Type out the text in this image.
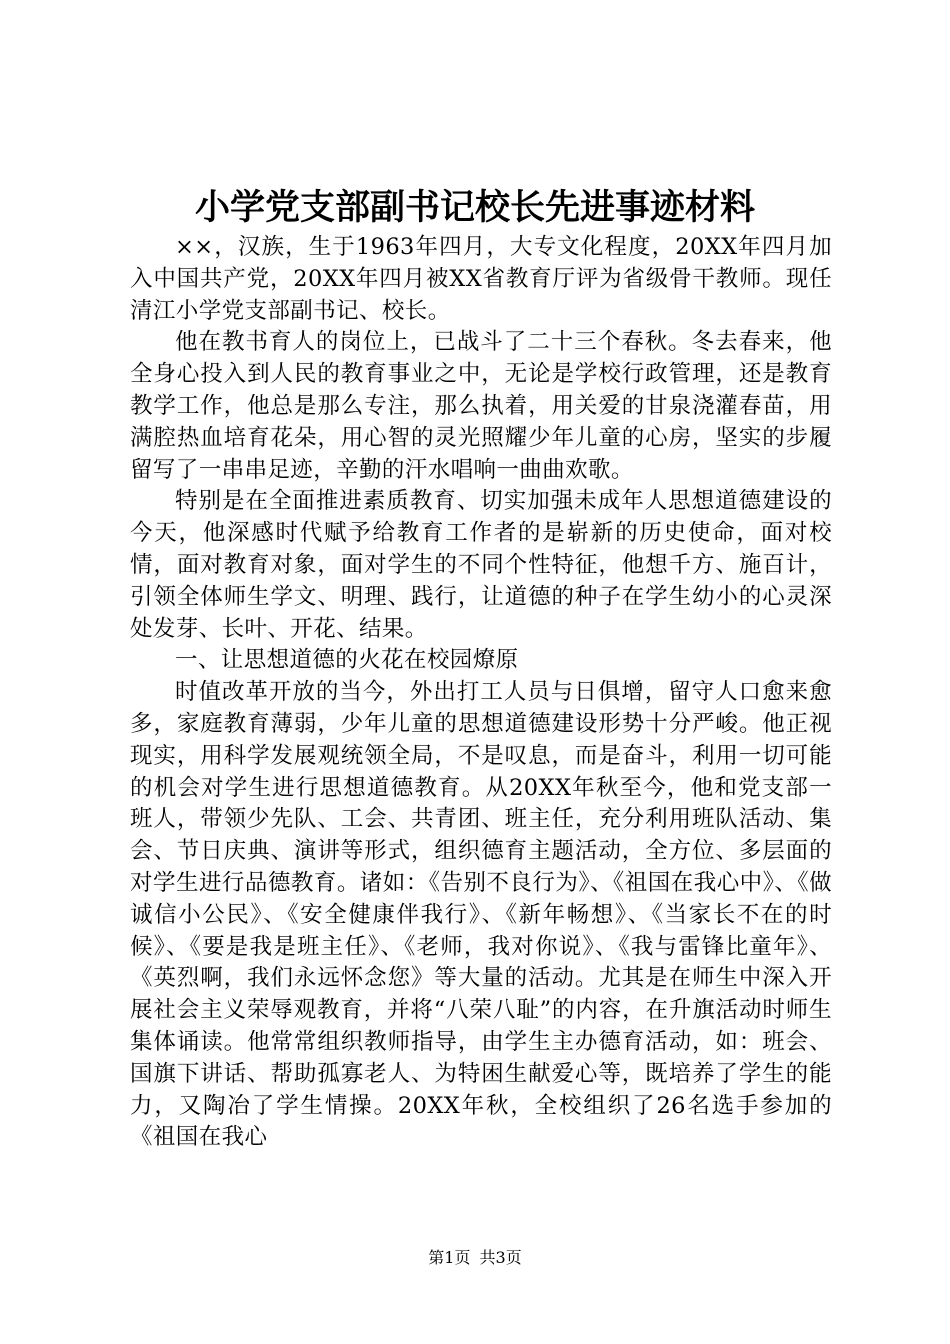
小学党支部副书记校长先进事迹材料

××，汉族，生于1963年四月，大专文化程度，20XX年四月加入中国共产党，20XX年四月被XX省教育厅评为省级骨干教师。现任清江小学党支部副书记、校长。

他在教书育人的岗位上，已战斗了二十三个春秋。冬去春来，他全身心投入到人民的教育事业之中，无论是学校行政管理，还是教育教学工作，他总是那么专注，那么执着，用关爱的甘泉浇灌春苗，用满腔热血培育花朵，用心智的灵光照耀少年儿童的心房，坚实的步履留写了一串串足迹，辛勤的汗水唱响一曲曲欢歌。

特别是在全面推进素质教育、切实加强未成年人思想道德建设的今天，他深感时代赋予给教育工作者的是崭新的历史使命，面对校情，面对教育对象，面对学生的不同个性特征，他想千方、施百计，引领全体师生学文、明理、践行，让道德的种子在学生幼小的心灵深处发芽、长叶、开花、结果。

一、让思想道德的火花在校园燎原

时值改革开放的当今，外出打工人员与日俱增，留守人口愈来愈多，家庭教育薄弱，少年儿童的思想道德建设形势十分严峻。他正视现实，用科学发展观统领全局，不是叹息，而是奋斗，利用一切可能的机会对学生进行思想道德教育。从20XX年秋至今，他和党支部一班人，带领少先队、工会、共青团、班主任，充分利用班队活动、集会、节日庆典、演讲等形式，组织德育主题活动，全方位、多层面的对学生进行品德教育。诸如：《告别不良行为》、《祖国在我心中》、《做诚信小公民》、《安全健康伴我行》、《新年畅想》、《当家长不在的时候》、《要是我是班主任》、《老师，我对你说》、《我与雷锋比童年》、《英烈啊，我们永远怀念您》等大量的活动。尤其是在师生中深入开展社会主义荣辱观教育，并将“八荣八耻”的内容，在升旗活动时师生集体诵读。他常常组织教师指导，由学生主办德育活动，如：班会、国旗下讲话、帮助孤寡老人、为特困生献爱心等，既培养了学生的能力，又陶冶了学生情操。20XX年秋，全校组织了26名选手参加的《祖国在我心

第1页 共3页
